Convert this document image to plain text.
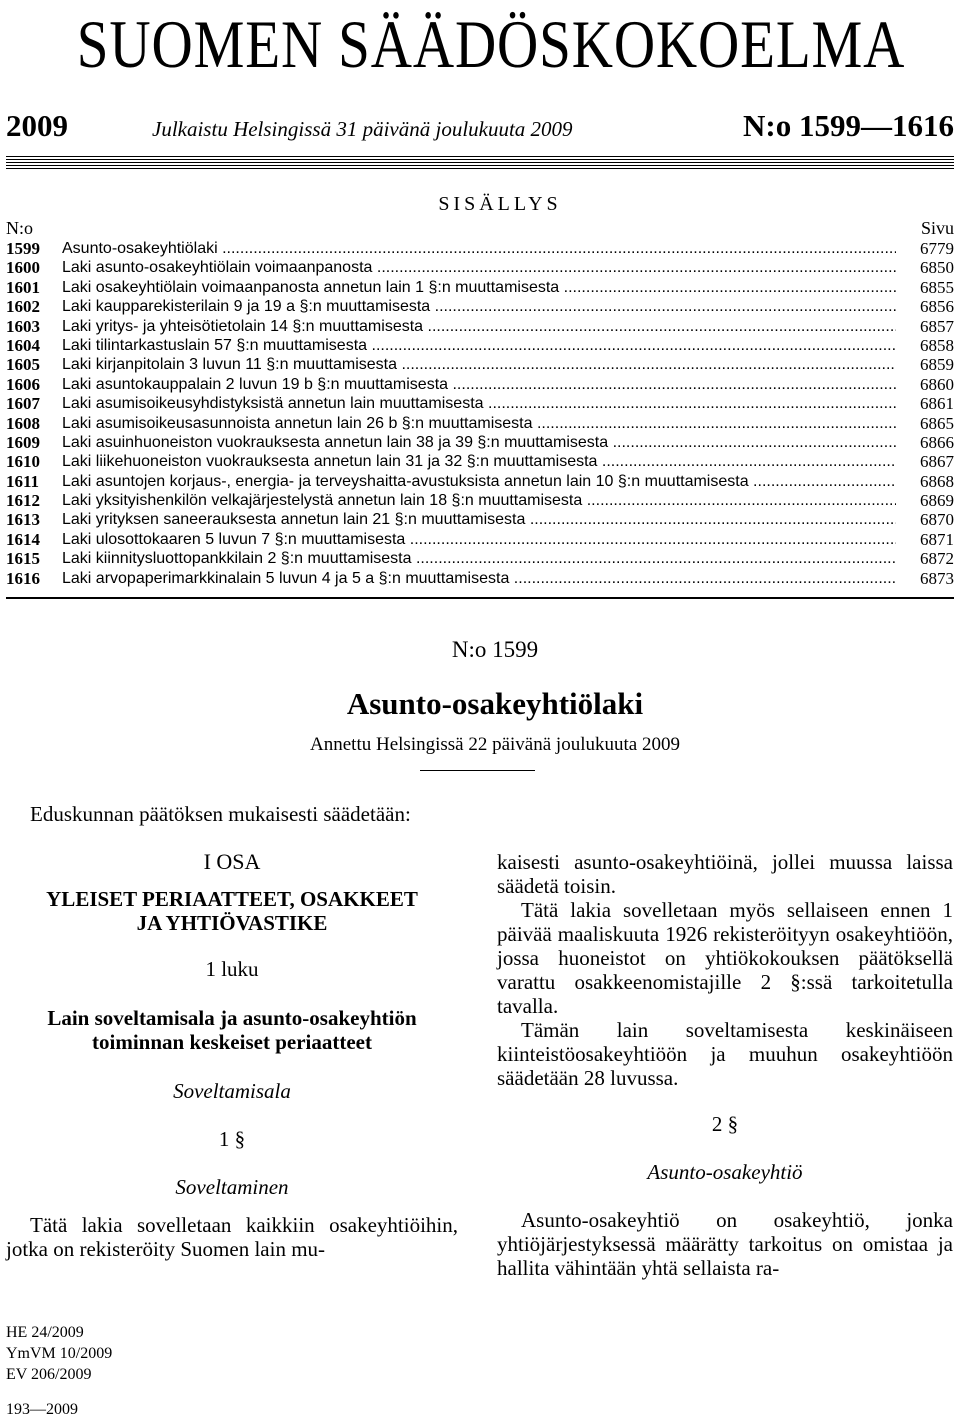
SUOMEN SÄÄDÖSKOKOELMA
2009	Julkaistu Helsingissä 31 päivänä joulukuuta 2009	N:o 1599—1616
SISÄLLYS
N:o	Sivu
1599	Asunto-osakeyhtiölaki .....	6779
1600	Laki asunto-osakeyhtiölain voimaanpanosta .....	6850
1601	Laki osakeyhtiölain voimaanpanosta annetun lain 1 §:n muuttamisesta .....	6855
1602	Laki kaupparekisterilain 9 ja 19 a §:n muuttamisesta .....	6856
1603	Laki yritys- ja yhteisötietolain 14 §:n muuttamisesta .....	6857
1604	Laki tilintarkastuslain 57 §:n muuttamisesta .....	6858
1605	Laki kirjanpitolain 3 luvun 11 §:n muuttamisesta .....	6859
1606	Laki asuntokauppalain 2 luvun 19 b §:n muuttamisesta .....	6860
1607	Laki asumisoikeusyhdistyksistä annetun lain muuttamisesta .....	6861
1608	Laki asumisoikeusasunnoista annetun lain 26 b §:n muuttamisesta .....	6865
1609	Laki asuinhuoneiston vuokrauksesta annetun lain 38 ja 39 §:n muuttamisesta .....	6866
1610	Laki liikehuoneiston vuokrauksesta annetun lain 31 ja 32 §:n muuttamisesta .....	6867
1611	Laki asuntojen korjaus-, energia- ja terveyshaitta-avustuksista annetun lain 10 §:n muuttamisesta .....	6868
1612	Laki yksityishenkilön velkajärjestelystä annetun lain 18 §:n muuttamisesta .....	6869
1613	Laki yrityksen saneerauksesta annetun lain 21 §:n muuttamisesta .....	6870
1614	Laki ulosottokaaren 5 luvun 7 §:n muuttamisesta .....	6871
1615	Laki kiinnitysluottopankkilain 2 §:n muuttamisesta .....	6872
1616	Laki arvopaperimarkkinalain 5 luvun 4 ja 5 a §:n muuttamisesta .....	6873
N:o 1599
Asunto-osakeyhtiölaki
Annettu Helsingissä 22 päivänä joulukuuta 2009
Eduskunnan päätöksen mukaisesti säädetään:

I OSA

YLEISET PERIAATTEET, OSAKKEET

JA YHTIÖVASTIKE

1 luku

Lain soveltamisala ja asunto-osakeyhtiön

toiminnan keskeiset periaatteet

Soveltamisala

1 §

Soveltaminen

Tätä lakia sovelletaan kaikkiin osakeyhtiöihin, jotka on rekisteröity Suomen lain mu-

kaisesti asunto-osakeyhtiöinä, jollei muussa laissa säädetä toisin.

Tätä lakia sovelletaan myös sellaiseen ennen 1 päivää maaliskuuta 1926 rekisteröityyn osakeyhtiöön, jossa huoneistot on yhtiökokouksen päätöksellä varattu osakkeenomistajille 2 §:ssä tarkoitetulla tavalla.

Tämän lain soveltamisesta keskinäiseen kiinteistöosakeyhtiöön ja muuhun osakeyhtiöön säädetään 28 luvussa.

2 §

Asunto-osakeyhtiö

Asunto-osakeyhtiö on osakeyhtiö, jonka yhtiöjärjestyksessä määrätty tarkoitus on omistaa ja hallita vähintään yhtä sellaista ra-

HE 24/2009
YmVM 10/2009
EV 206/2009
193—2009
